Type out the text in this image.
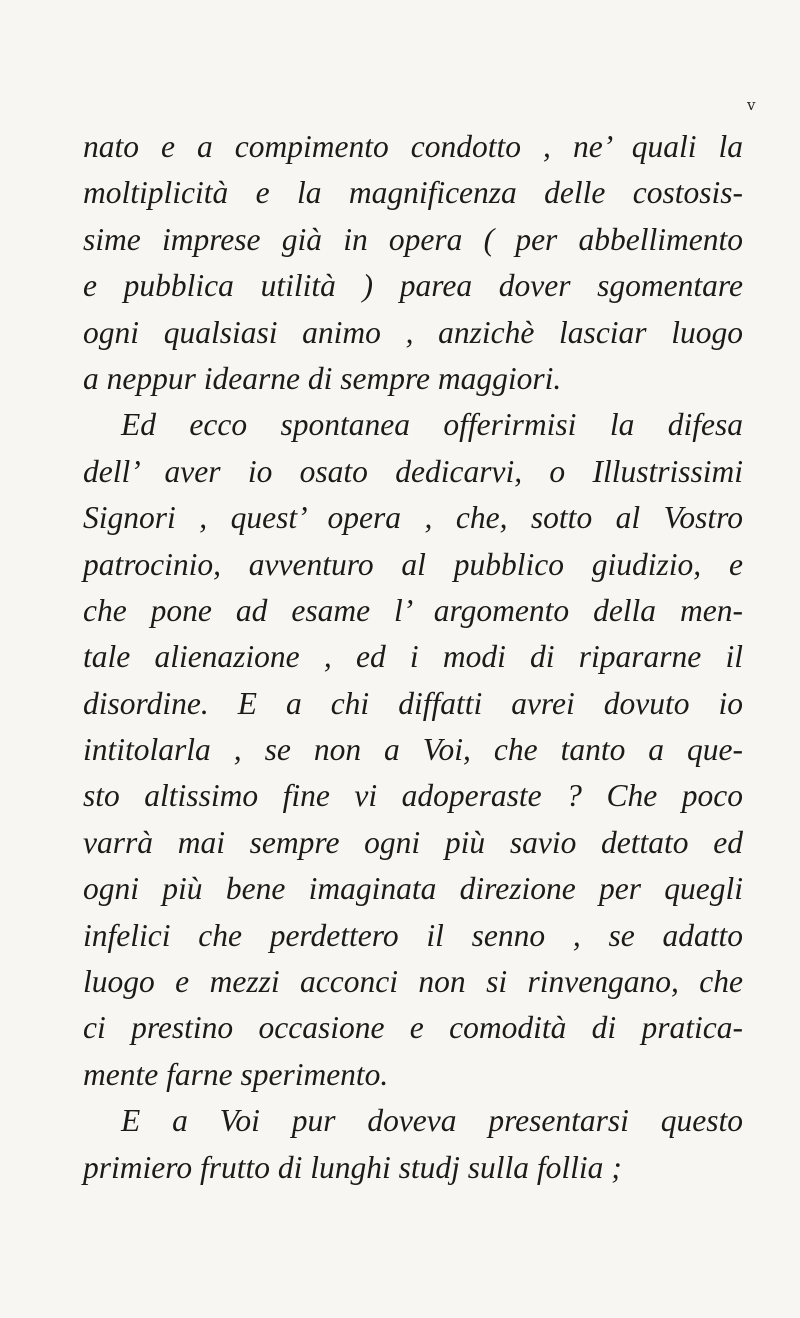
v
nato e a compimento condotto , ne’ quali la
moltiplicità e la magnificenza delle costosis-
sime imprese già in opera ( per abbellimento
e pubblica utilità ) parea dover sgomentare
ogni qualsiasi animo , anzichè lasciar luogo
a neppur idearne di sempre maggiori.
Ed ecco spontanea offerirmisi la difesa
dell’ aver io osato dedicarvi, o Illustrissimi
Signori , quest’ opera , che, sotto al Vostro
patrocinio, avventuro al pubblico giudizio, e
che pone ad esame l’ argomento della men-
tale alienazione , ed i modi di ripararne il
disordine. E a chi diffatti avrei dovuto io
intitolarla , se non a Voi, che tanto a que-
sto altissimo fine vi adoperaste ? Che poco
varrà mai sempre ogni più savio dettato ed
ogni più bene imaginata direzione per quegli
infelici che perdettero il senno , se adatto
luogo e mezzi acconci non si rinvengano, che
ci prestino occasione e comodità di pratica-
mente farne sperimento.
E a Voi pur doveva presentarsi questo
primiero frutto di lunghi studj sulla follia ;
